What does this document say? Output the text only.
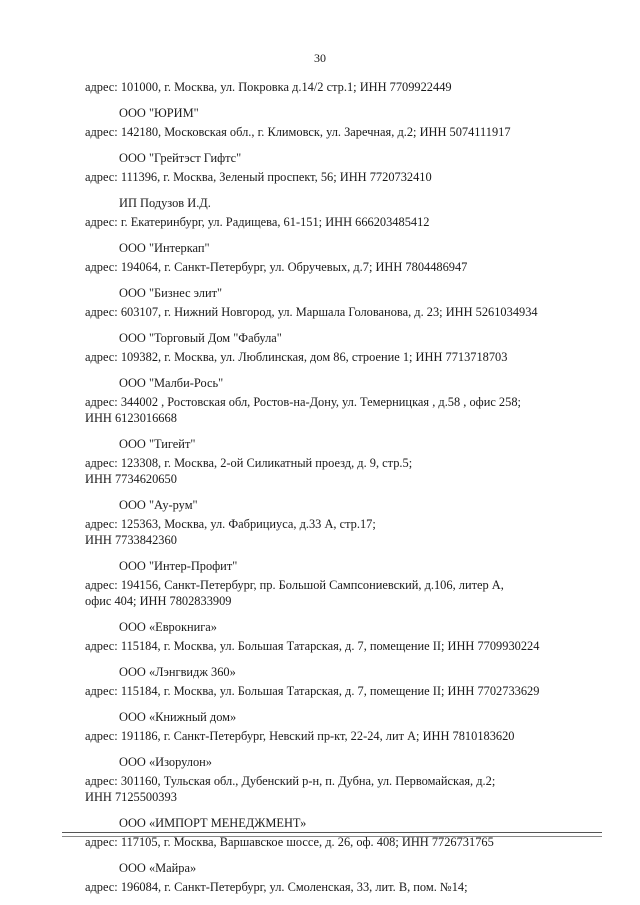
30
адрес: 101000, г. Москва, ул. Покровка д.14/2 стр.1; ИНН 7709922449
ООО "ЮРИМ"
адрес: 142180, Московская обл., г. Климовск, ул. Заречная, д.2; ИНН 5074111917
ООО "Грейтэст Гифтс"
адрес: 111396, г. Москва, Зеленый проспект, 56; ИНН 7720732410
ИП Подузов И.Д.
адрес: г. Екатеринбург, ул. Радищева, 61-151; ИНН 666203485412
ООО "Интеркап"
адрес: 194064, г. Санкт-Петербург, ул. Обручевых, д.7; ИНН 7804486947
ООО "Бизнес элит"
адрес: 603107, г. Нижний Новгород, ул. Маршала Голованова, д. 23; ИНН 5261034934
ООО "Торговый Дом "Фабула"
адрес: 109382, г. Москва, ул. Люблинская, дом 86, строение 1; ИНН 7713718703
ООО "Малби-Рось"
адрес: 344002 , Ростовская обл, Ростов-на-Дону, ул. Темерницкая , д.58 , офис 258;
ИНН 6123016668
ООО "Тигейт"
адрес: 123308, г. Москва, 2-ой Силикатный проезд, д. 9, стр.5;
ИНН 7734620650
ООО "Ау-рум"
адрес: 125363, Москва, ул. Фабрициуса, д.33 А, стр.17;
ИНН 7733842360
ООО "Интер-Профит"
адрес: 194156, Санкт-Петербург, пр. Большой Сампсониевский, д.106, литер А,
офис 404; ИНН 7802833909
ООО «Еврокнига»
адрес: 115184, г. Москва, ул. Большая Татарская, д. 7, помещение II; ИНН 7709930224
ООО «Лэнгвидж 360»
адрес: 115184, г. Москва, ул. Большая Татарская, д. 7, помещение II; ИНН 7702733629
ООО «Книжный дом»
адрес: 191186, г. Санкт-Петербург, Невский пр-кт, 22-24, лит А; ИНН 7810183620
ООО «Изорулон»
адрес: 301160, Тульская обл., Дубенский р-н, п. Дубна, ул. Первомайская, д.2;
ИНН 7125500393
ООО «ИМПОРТ МЕНЕДЖМЕНТ»
адрес: 117105, г. Москва, Варшавское шоссе, д. 26, оф. 408; ИНН 7726731765
ООО «Майра»
адрес: 196084, г. Санкт-Петербург, ул. Смоленская, 33, лит. В, пом. №14;
